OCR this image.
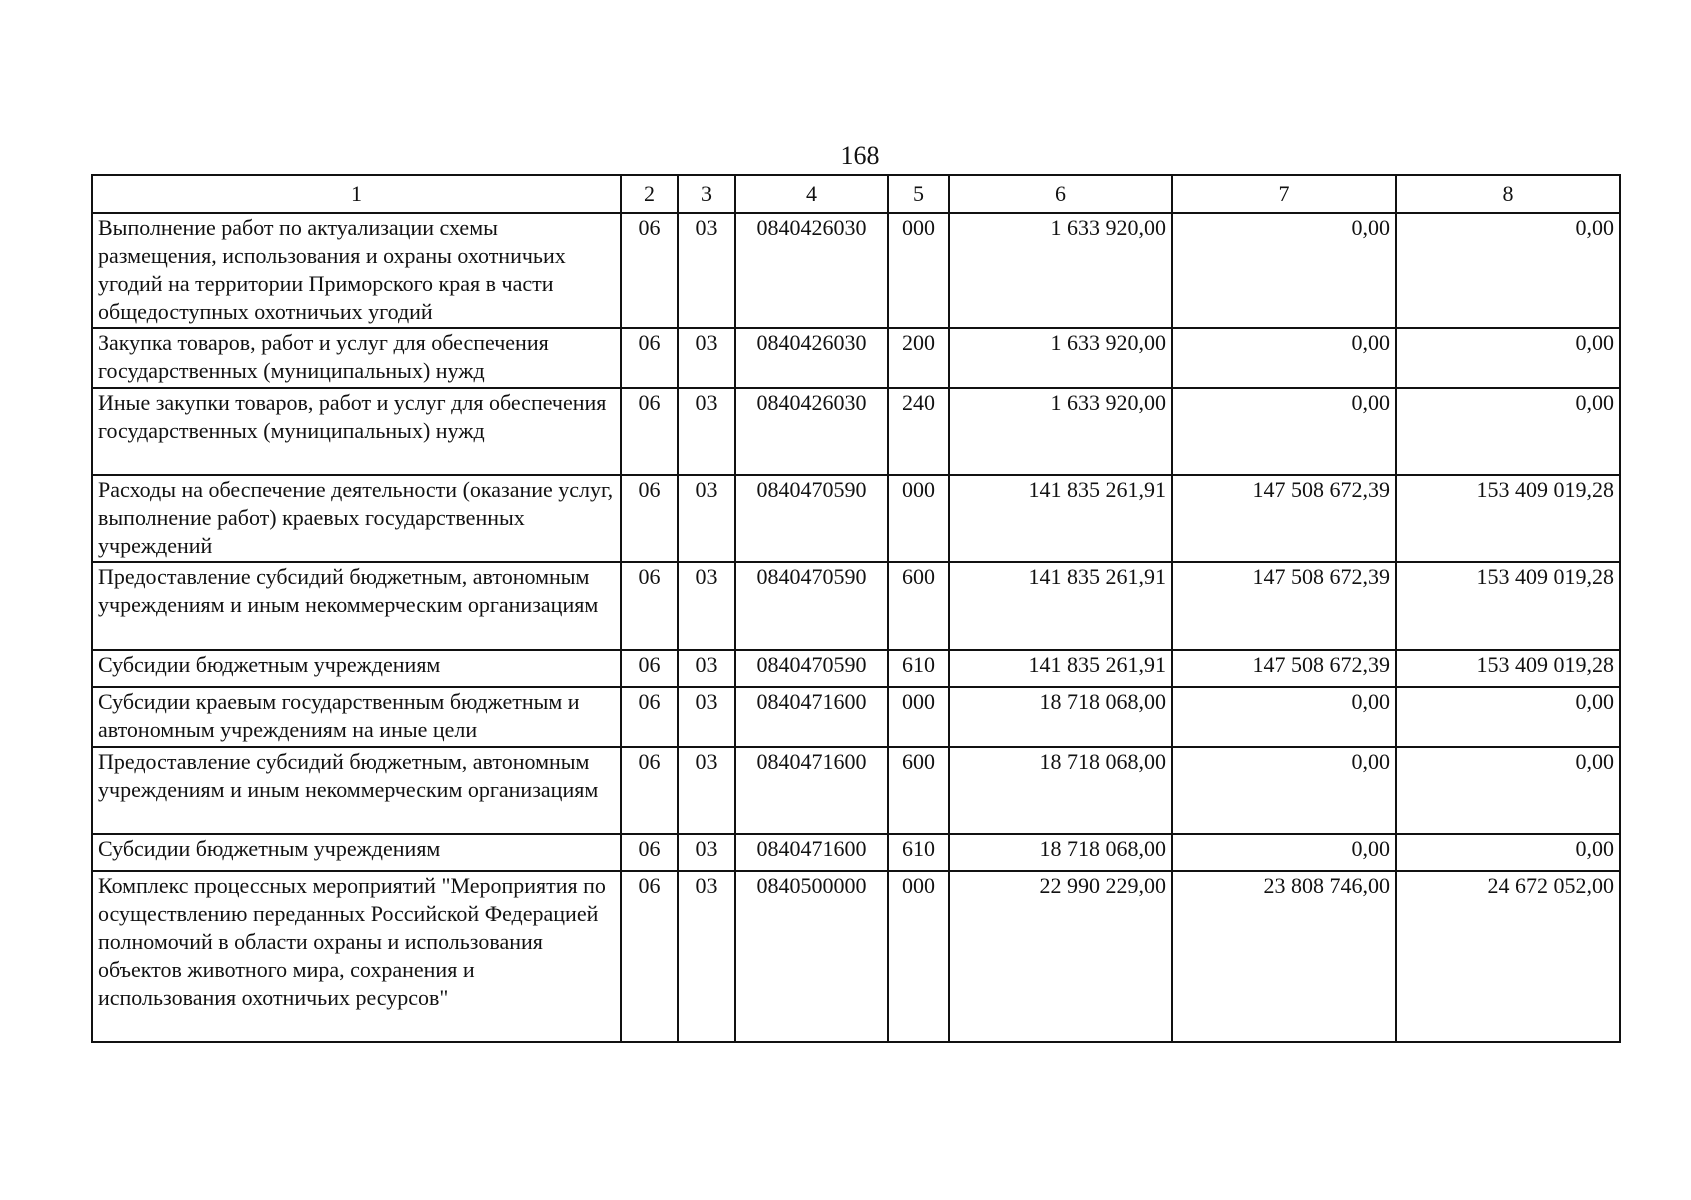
168
1	2	3	4	5	6	7	8
Выполнение работ по актуализации схемы размещения, использования и охраны охотничьих угодий на территории Приморского края в части общедоступных охотничьих угодий	06	03	0840426030	000	1 633 920,00	0,00	0,00
Закупка товаров, работ и услуг для обеспечения государственных (муниципальных) нужд	06	03	0840426030	200	1 633 920,00	0,00	0,00
Иные закупки товаров, работ и услуг для обеспечения государственных (муниципальных) нужд	06	03	0840426030	240	1 633 920,00	0,00	0,00
Расходы на обеспечение деятельности (оказание услуг, выполнение работ) краевых государственных учреждений	06	03	0840470590	000	141 835 261,91	147 508 672,39	153 409 019,28
Предоставление субсидий бюджетным, автономным учреждениям и иным некоммерческим организациям	06	03	0840470590	600	141 835 261,91	147 508 672,39	153 409 019,28
Субсидии бюджетным учреждениям	06	03	0840470590	610	141 835 261,91	147 508 672,39	153 409 019,28
Субсидии краевым государственным бюджетным и автономным учреждениям на иные цели	06	03	0840471600	000	18 718 068,00	0,00	0,00
Предоставление субсидий бюджетным, автономным учреждениям и иным некоммерческим организациям	06	03	0840471600	600	18 718 068,00	0,00	0,00
Субсидии бюджетным учреждениям	06	03	0840471600	610	18 718 068,00	0,00	0,00
Комплекс процессных мероприятий "Мероприятия по осуществлению переданных Российской Федерацией полномочий в области охраны и использования объектов животного мира, сохранения и использования охотничьих ресурсов"	06	03	0840500000	000	22 990 229,00	23 808 746,00	24 672 052,00
